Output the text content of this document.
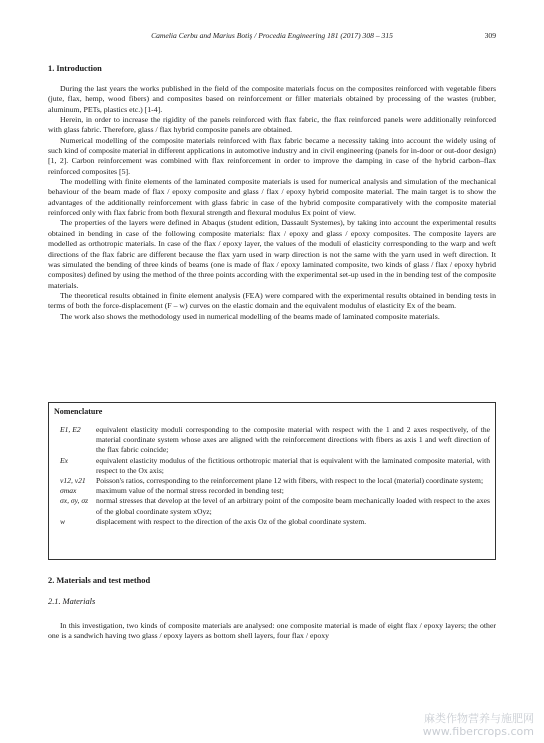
Camelia Cerbu and Marius Botiş / Procedia Engineering 181 (2017) 308 – 315	309
1. Introduction

During the last years the works published in the field of the composite materials focus on the composites reinforced with vegetable fibers (jute, flax, hemp, wood fibers) and composites based on reinforcement or filler materials obtained by processing of the wastes (rubber, aluminum, PETs, plastics etc.) [1-4].

Herein, in order to increase the rigidity of the panels reinforced with flax fabric, the flax reinforced panels were additionally reinforced with glass fabric. Therefore, glass / flax hybrid composite panels are obtained.

Numerical modelling of the composite materials reinforced with flax fabric became a necessity taking into account the widely using of such kind of composite material in different applications in automotive industry and in civil engineering (panels for in-door or out-door design) [1, 2]. Carbon reinforcement was combined with flax reinforcement in order to improve the damping in case of the hybrid carbon–flax reinforced composites [5].

The modelling with finite elements of the laminated composite materials is used for numerical analysis and simulation of the mechanical behaviour of the beam made of flax / epoxy composite and glass / flax / epoxy hybrid composite material. The main target is to show the advantages of the additionally reinforcement with glass fabric in case of the hybrid composite comparatively with the composite material reinforced only with flax fabric from both flexural strength and flexural modulus Ex point of view.

The properties of the layers were defined in Abaqus (student edition, Dassault Systemes), by taking into account the experimental results obtained in bending in case of the following composite materials: flax / epoxy and glass / epoxy composites. The composite layers are modelled as orthotropic materials. In case of the flax / epoxy layer, the values of the moduli of elasticity corresponding to the warp and weft directions of the flax fabric are different because the flax yarn used in warp direction is not the same with the yarn used in weft direction. It was simulated the bending of three kinds of beams (one is made of flax / epoxy laminated composite, two kinds of glass / flax / epoxy hybrid composites) defined by using the method of the three points according with the experimental set-up used in the in bending test of the composite materials.

The theoretical results obtained in finite element analysis (FEA) were compared with the experimental results obtained in bending tests in terms of both the force-displacement (F – w) curves on the elastic domain and the equivalent modulus of elasticity Ex of the beam.

The work also shows the methodology used in numerical modelling of the beams made of laminated composite materials.

Nomenclature
E1, E2	equivalent elasticity moduli corresponding to the composite material with respect with the 1 and 2 axes respectively, of the material coordinate system whose axes are aligned with the reinforcement directions with fibers as axis 1 and weft direction of the flax fabric coincide;
Ex	equivalent elasticity modulus of the fictitious orthotropic material that is equivalent with the laminated composite material, with respect to the Ox axis;
ν12, ν21	Poisson's ratios, corresponding to the reinforcement plane 12 with fibers, with respect to the local (material) coordinate system;
σmax	maximum value of the normal stress recorded in bending test;
σx, σy, σz	normal stresses that develop at the level of an arbitrary point of the composite beam mechanically loaded with respect to the axes of the global coordinate system xOyz;
w	displacement with respect to the direction of the axis Oz of the global coordinate system.
2. Materials and test method
2.1. Materials

In this investigation, two kinds of composite materials are analysed: one composite material is made of eight flax / epoxy layers; the other one is a sandwich having two glass / epoxy layers as bottom shell layers, four flax / epoxy

麻类作物营养与施肥网
www.fibercrops.com
